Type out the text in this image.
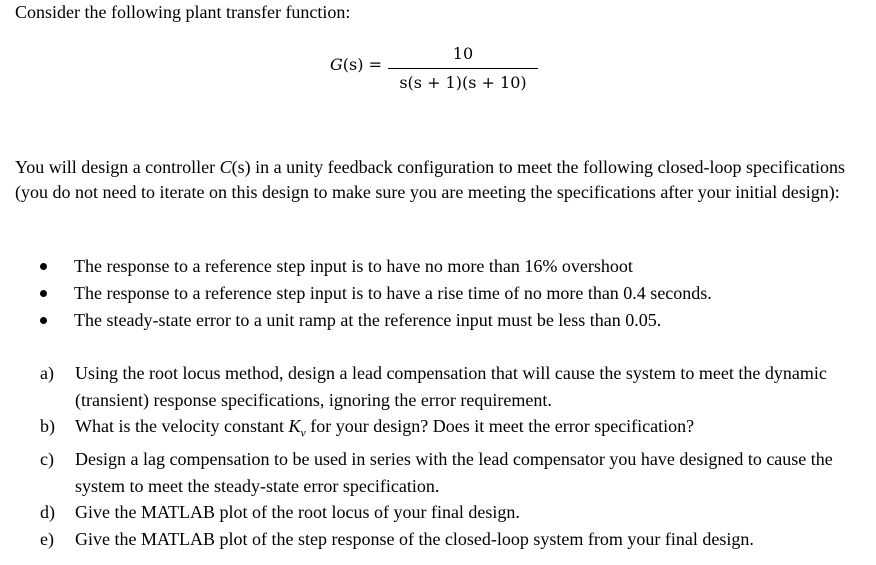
Consider the following plant transfer function:

$G(s) = \frac{10}{s(s + 1)(s + 10)}$

You will design a controller C(s) in a unity feedback configuration to meet the following closed-loop specifications (you do not need to iterate on this design to make sure you are meeting the specifications after your initial design):

The response to a reference step input is to have no more than 16% overshoot
The response to a reference step input is to have a rise time of no more than 0.4 seconds.
The steady-state error to a unit ramp at the reference input must be less than 0.05.
a) Using the root locus method, design a lead compensation that will cause the system to meet the dynamic (transient) response specifications, ignoring the error requirement.
b) What is the velocity constant $K_v$ for your design? Does it meet the error specification?
c) Design a lag compensation to be used in series with the lead compensator you have designed to cause the system to meet the steady-state error specification.
d) Give the MATLAB plot of the root locus of your final design.
e) Give the MATLAB plot of the step response of the closed-loop system from your final design.
